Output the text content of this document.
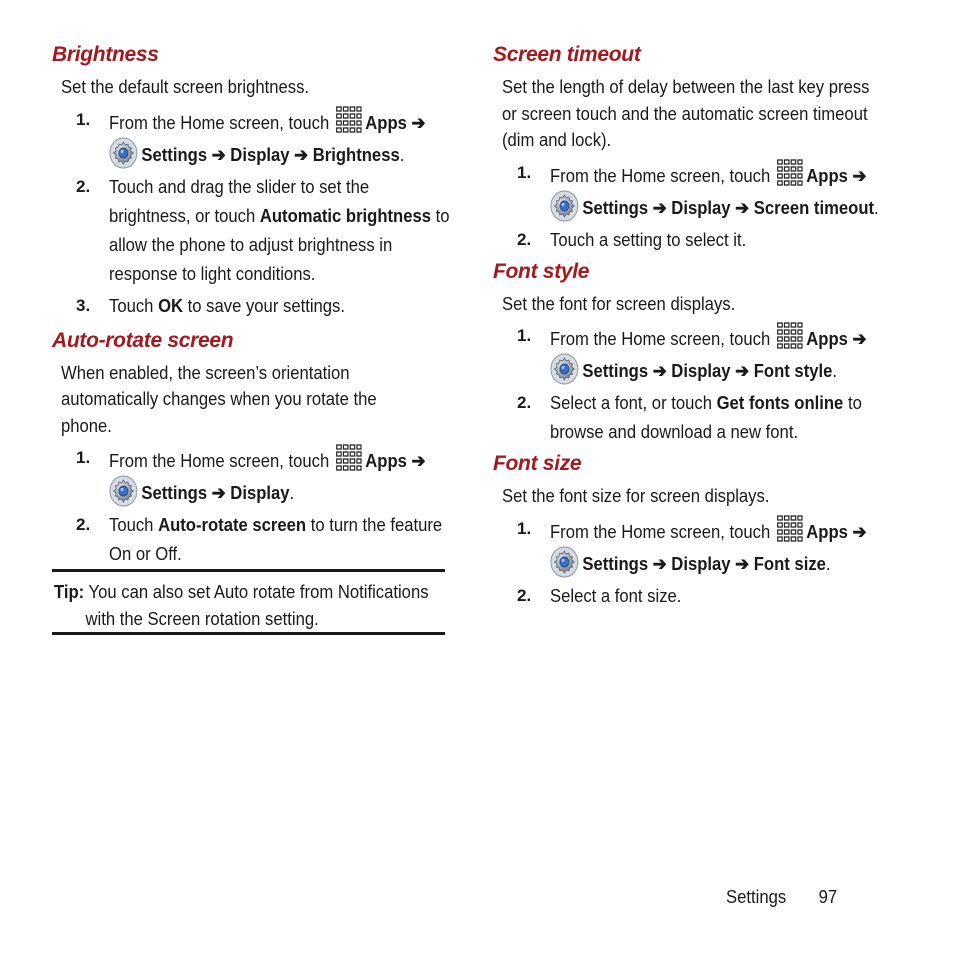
Brightness

Set the default screen brightness.

1. From the Home screen, touch Apps ➔
Settings ➔ Display ➔ Brightness.
2. Touch and drag the slider to set the brightness, or touch Automatic brightness to allow the phone to adjust brightness in response to light conditions.
3. Touch OK to save your settings.
Auto-rotate screen

When enabled, the screen’s orientation automatically changes when you rotate the phone.

1. From the Home screen, touch Apps ➔
Settings ➔ Display.
2. Touch Auto-rotate screen to turn the feature On or Off.
Tip: You can also set Auto rotate from Notifications
with the Screen rotation setting.
Screen timeout

Set the length of delay between the last key press or screen touch and the automatic screen timeout (dim and lock).

1. From the Home screen, touch Apps ➔
Settings ➔ Display ➔ Screen timeout.
2. Touch a setting to select it.
Font style

Set the font for screen displays.

1. From the Home screen, touch Apps ➔
Settings ➔ Display ➔ Font style.
2. Select a font, or touch Get fonts online to browse and download a new font.
Font size

Set the font size for screen displays.

1. From the Home screen, touch Apps ➔
Settings ➔ Display ➔ Font size.
2. Select a font size.
Settings 97
